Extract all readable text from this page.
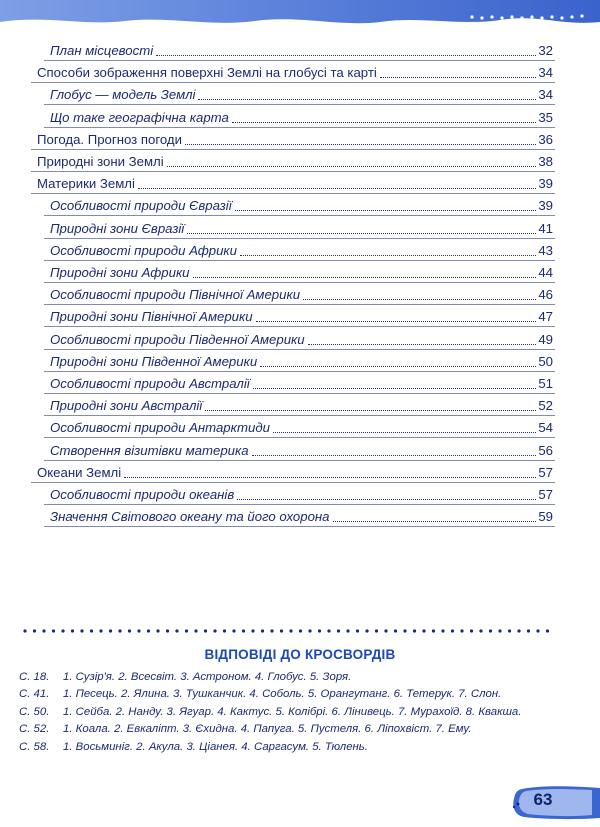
План місцевості	32
Способи зображення поверхні Землі на глобусі та карті	34
Глобус — модель Землі	34
Що таке географічна карта	35
Погода. Прогноз погоди	36
Природні зони Землі	38
Материки Землі	39
Особливості природи Євразії	39
Природні зони Євразії	41
Особливості природи Африки	43
Природні зони Африки	44
Особливості природи Північної Америки	46
Природні зони Північної Америки	47
Особливості природи Південної Америки	49
Природні зони Південної Америки	50
Особливості природи Австралії	51
Природні зони Австралії	52
Особливості природи Антарктиди	54
Створення візитівки материка	56
Океани Землі	57
Особливості природи океанів	57
Значення Світового океану та його охорона	59
ВІДПОВІДІ ДО КРОСВОРДІВ
С. 18.	1. Сузір'я. 2. Всесвіт. 3. Астроном. 4. Глобус. 5. Зоря.
С. 41.	1. Песець. 2. Ялина. 3. Тушканчик. 4. Соболь. 5. Орангутанг. 6. Тетерук. 7. Слон.
С. 50.	1. Сейба. 2. Нанду. 3. Ягуар. 4. Кактус. 5. Колібрі. 6. Лінивець. 7. Мурахоїд. 8. Квакша.
С. 52.	1. Коала. 2. Евкаліпт. 3. Єхидна. 4. Папуга. 5. Пустеля. 6. Ліпохвіст. 7. Ему.
С. 58.	1. Восьминіг. 2. Акула. 3. Ціанея. 4. Саргасум. 5. Тюлень.
63
